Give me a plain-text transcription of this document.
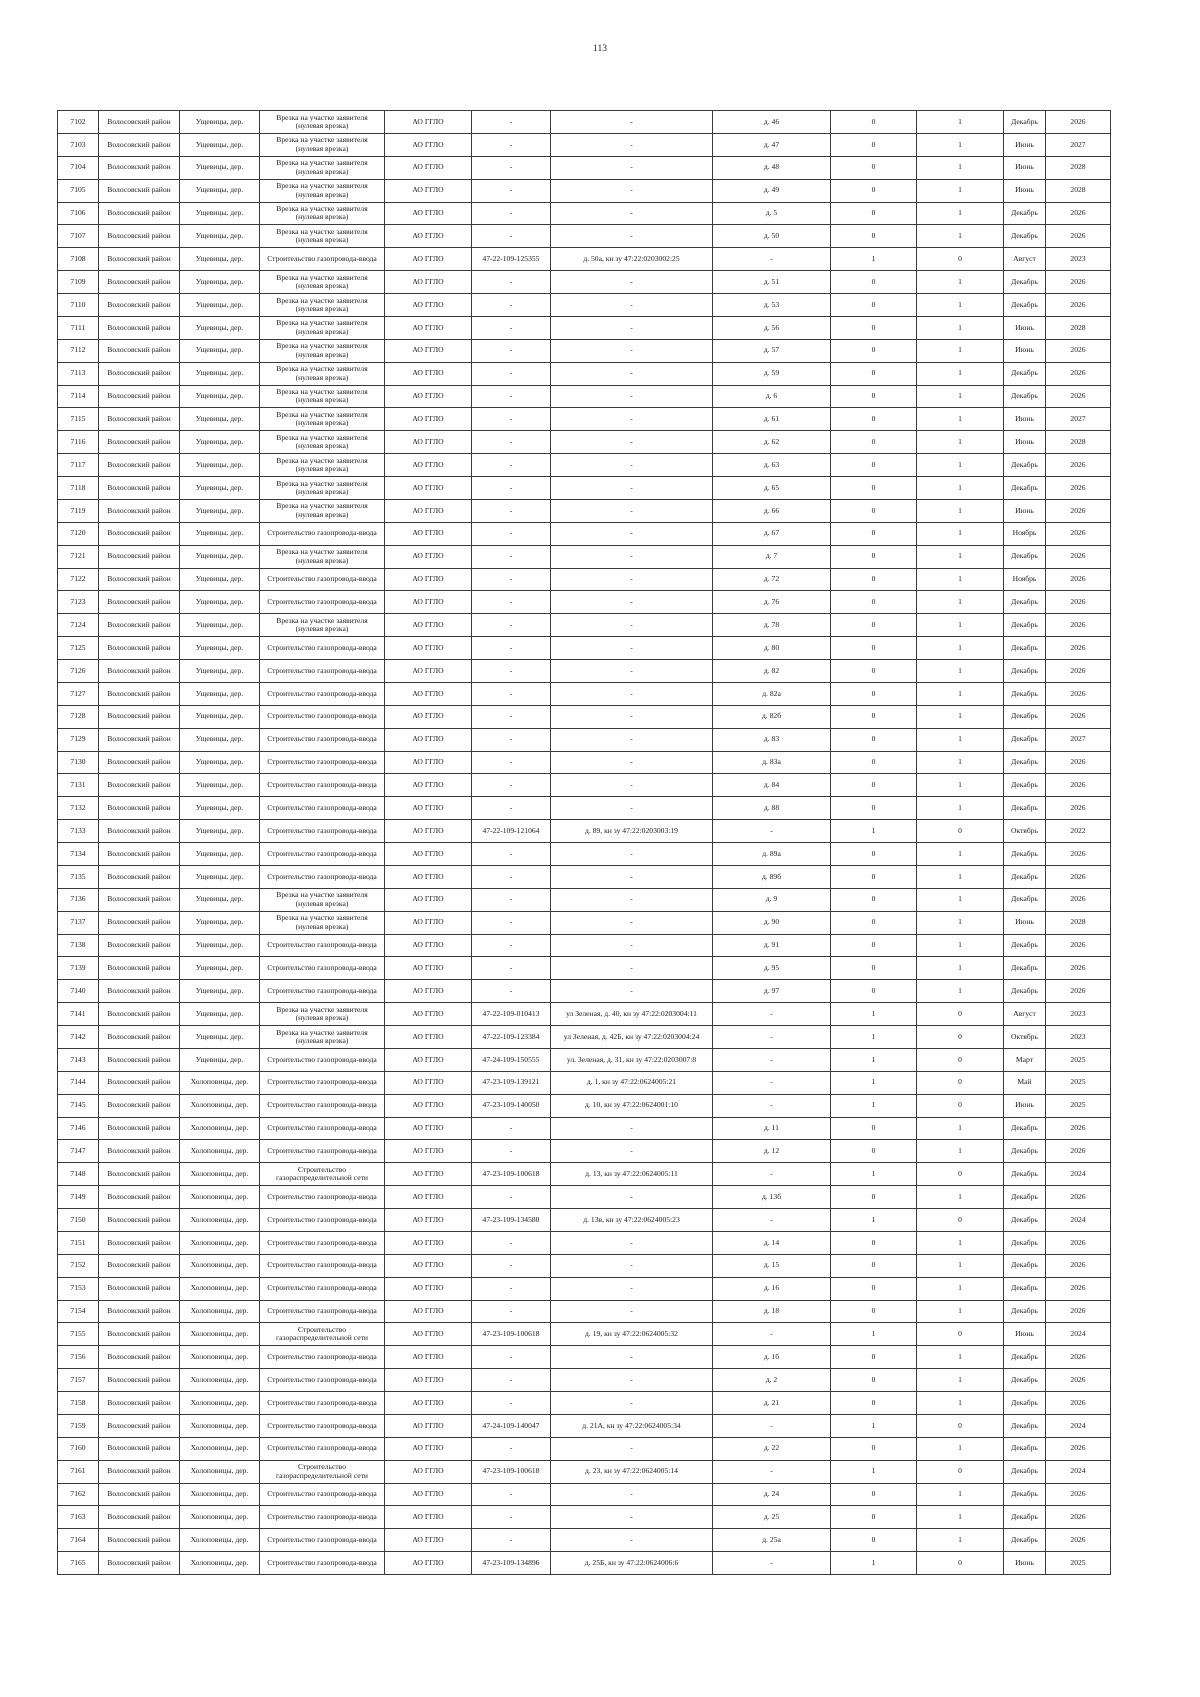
113
7102	Волосовский район	Ущевицы, дер.	Врезка на участке заявителя (нулевая врезка)	АО ГГЛО	-	-	д. 46	0	1	Декабрь	2026
7103	Волосовский район	Ущевицы, дер.	Врезка на участке заявителя (нулевая врезка)	АО ГГЛО	-	-	д. 47	0	1	Июнь	2027
7104	Волосовский район	Ущевицы, дер.	Врезка на участке заявителя (нулевая врезка)	АО ГГЛО	-	-	д. 48	0	1	Июнь	2028
7105	Волосовский район	Ущевицы, дер.	Врезка на участке заявителя (нулевая врезка)	АО ГГЛО	-	-	д. 49	0	1	Июнь	2028
7106	Волосовский район	Ущевицы, дер.	Врезка на участке заявителя (нулевая врезка)	АО ГГЛО	-	-	д. 5	0	1	Декабрь	2026
7107	Волосовский район	Ущевицы, дер.	Врезка на участке заявителя (нулевая врезка)	АО ГГЛО	-	-	д. 50	0	1	Декабрь	2026
7108	Волосовский район	Ущевицы, дер.	Строительство газопровода-ввода	АО ГГЛО	47-22-109-125355	д. 50а, кн зу 47:22:0203002:25	-	1	0	Август	2023
7109	Волосовский район	Ущевицы, дер.	Врезка на участке заявителя (нулевая врезка)	АО ГГЛО	-	-	д. 51	0	1	Декабрь	2026
7110	Волосовский район	Ущевицы, дер.	Врезка на участке заявителя (нулевая врезка)	АО ГГЛО	-	-	д. 53	0	1	Декабрь	2026
7111	Волосовский район	Ущевицы, дер.	Врезка на участке заявителя (нулевая врезка)	АО ГГЛО	-	-	д. 56	0	1	Июнь	2028
7112	Волосовский район	Ущевицы, дер.	Врезка на участке заявителя (нулевая врезка)	АО ГГЛО	-	-	д. 57	0	1	Июнь	2026
7113	Волосовский район	Ущевицы, дер.	Врезка на участке заявителя (нулевая врезка)	АО ГГЛО	-	-	д. 59	0	1	Декабрь	2026
7114	Волосовский район	Ущевицы, дер.	Врезка на участке заявителя (нулевая врезка)	АО ГГЛО	-	-	д. 6	0	1	Декабрь	2026
7115	Волосовский район	Ущевицы, дер.	Врезка на участке заявителя (нулевая врезка)	АО ГГЛО	-	-	д. 61	0	1	Июнь	2027
7116	Волосовский район	Ущевицы, дер.	Врезка на участке заявителя (нулевая врезка)	АО ГГЛО	-	-	д. 62	0	1	Июнь	2028
7117	Волосовский район	Ущевицы, дер.	Врезка на участке заявителя (нулевая врезка)	АО ГГЛО	-	-	д. 63	0	1	Декабрь	2026
7118	Волосовский район	Ущевицы, дер.	Врезка на участке заявителя (нулевая врезка)	АО ГГЛО	-	-	д. 65	0	1	Декабрь	2026
7119	Волосовский район	Ущевицы, дер.	Врезка на участке заявителя (нулевая врезка)	АО ГГЛО	-	-	д. 66	0	1	Июнь	2026
7120	Волосовский район	Ущевицы, дер.	Строительство газопровода-ввода	АО ГГЛО	-	-	д. 67	0	1	Ноябрь	2026
7121	Волосовский район	Ущевицы, дер.	Врезка на участке заявителя (нулевая врезка)	АО ГГЛО	-	-	д. 7	0	1	Декабрь	2026
7122	Волосовский район	Ущевицы, дер.	Строительство газопровода-ввода	АО ГГЛО	-	-	д. 72	0	1	Ноябрь	2026
7123	Волосовский район	Ущевицы, дер.	Строительство газопровода-ввода	АО ГГЛО	-	-	д. 76	0	1	Декабрь	2026
7124	Волосовский район	Ущевицы, дер.	Врезка на участке заявителя (нулевая врезка)	АО ГГЛО	-	-	д. 78	0	1	Декабрь	2026
7125	Волосовский район	Ущевицы, дер.	Строительство газопровода-ввода	АО ГГЛО	-	-	д. 80	0	1	Декабрь	2026
7126	Волосовский район	Ущевицы, дер.	Строительство газопровода-ввода	АО ГГЛО	-	-	д. 82	0	1	Декабрь	2026
7127	Волосовский район	Ущевицы, дер.	Строительство газопровода-ввода	АО ГГЛО	-	-	д. 82а	0	1	Декабрь	2026
7128	Волосовский район	Ущевицы, дер.	Строительство газопровода-ввода	АО ГГЛО	-	-	д. 82б	0	1	Декабрь	2026
7129	Волосовский район	Ущевицы, дер.	Строительство газопровода-ввода	АО ГГЛО	-	-	д. 83	0	1	Декабрь	2027
7130	Волосовский район	Ущевицы, дер.	Строительство газопровода-ввода	АО ГГЛО	-	-	д. 83а	0	1	Декабрь	2026
7131	Волосовский район	Ущевицы, дер.	Строительство газопровода-ввода	АО ГГЛО	-	-	д. 84	0	1	Декабрь	2026
7132	Волосовский район	Ущевицы, дер.	Строительство газопровода-ввода	АО ГГЛО	-	-	д. 88	0	1	Декабрь	2026
7133	Волосовский район	Ущевицы, дер.	Строительство газопровода-ввода	АО ГГЛО	47-22-109-121064	д. 89, кн зу 47:22:0203003:19	-	1	0	Октябрь	2022
7134	Волосовский район	Ущевицы, дер.	Строительство газопровода-ввода	АО ГГЛО	-	-	д. 89а	0	1	Декабрь	2026
7135	Волосовский район	Ущевицы, дер.	Строительство газопровода-ввода	АО ГГЛО	-	-	д. 89б	0	1	Декабрь	2026
7136	Волосовский район	Ущевицы, дер.	Врезка на участке заявителя (нулевая врезка)	АО ГГЛО	-	-	д. 9	0	1	Декабрь	2026
7137	Волосовский район	Ущевицы, дер.	Врезка на участке заявителя (нулевая врезка)	АО ГГЛО	-	-	д. 90	0	1	Июнь	2028
7138	Волосовский район	Ущевицы, дер.	Строительство газопровода-ввода	АО ГГЛО	-	-	д. 91	0	1	Декабрь	2026
7139	Волосовский район	Ущевицы, дер.	Строительство газопровода-ввода	АО ГГЛО	-	-	д. 95	0	1	Декабрь	2026
7140	Волосовский район	Ущевицы, дер.	Строительство газопровода-ввода	АО ГГЛО	-	-	д. 97	0	1	Декабрь	2026
7141	Волосовский район	Ущевицы, дер.	Врезка на участке заявителя (нулевая врезка)	АО ГГЛО	47-22-109-010413	ул Зеленая, д. 40, кн зу 47:22:0203004:11	-	1	0	Август	2023
7142	Волосовский район	Ущевицы, дер.	Врезка на участке заявителя (нулевая врезка)	АО ГГЛО	47-22-109-123384	ул Зеленая, д. 42Б, кн зу 47:22:0203004:24	-	1	0	Октябрь	2023
7143	Волосовский район	Ущевицы, дер.	Строительство газопровода-ввода	АО ГГЛО	47-24-109-150555	ул. Зеленая, д. 31, кн зу 47:22:0203007:8	-	1	0	Март	2025
7144	Волосовский район	Холоповицы, дер.	Строительство газопровода-ввода	АО ГГЛО	47-23-109-139121	д. 1, кн зу 47:22:0624005:21	-	1	0	Май	2025
7145	Волосовский район	Холоповицы, дер.	Строительство газопровода-ввода	АО ГГЛО	47-23-109-140050	д. 10, кн зу 47:22:0624001:10	-	1	0	Июнь	2025
7146	Волосовский район	Холоповицы, дер.	Строительство газопровода-ввода	АО ГГЛО	-	-	д. 11	0	1	Декабрь	2026
7147	Волосовский район	Холоповицы, дер.	Строительство газопровода-ввода	АО ГГЛО	-	-	д. 12	0	1	Декабрь	2026
7148	Волосовский район	Холоповицы, дер.	Строительство газораспределительной сети	АО ГГЛО	47-23-109-100618	д. 13, кн зу 47:22:0624005:11	-	1	0	Декабрь	2024
7149	Волосовский район	Холоповицы, дер.	Строительство газопровода-ввода	АО ГГЛО	-	-	д. 13б	0	1	Декабрь	2026
7150	Волосовский район	Холоповицы, дер.	Строительство газопровода-ввода	АО ГГЛО	47-23-109-134580	д. 13в, кн зу 47:22:0624005:23	-	1	0	Декабрь	2024
7151	Волосовский район	Холоповицы, дер.	Строительство газопровода-ввода	АО ГГЛО	-	-	д. 14	0	1	Декабрь	2026
7152	Волосовский район	Холоповицы, дер.	Строительство газопровода-ввода	АО ГГЛО	-	-	д. 15	0	1	Декабрь	2026
7153	Волосовский район	Холоповицы, дер.	Строительство газопровода-ввода	АО ГГЛО	-	-	д. 16	0	1	Декабрь	2026
7154	Волосовский район	Холоповицы, дер.	Строительство газопровода-ввода	АО ГГЛО	-	-	д. 18	0	1	Декабрь	2026
7155	Волосовский район	Холоповицы, дер.	Строительство газораспределительной сети	АО ГГЛО	47-23-109-100618	д. 19, кн зу 47:22:0624005:32	-	1	0	Июнь	2024
7156	Волосовский район	Холоповицы, дер.	Строительство газопровода-ввода	АО ГГЛО	-	-	д. 1б	0	1	Декабрь	2026
7157	Волосовский район	Холоповицы, дер.	Строительство газопровода-ввода	АО ГГЛО	-	-	д. 2	0	1	Декабрь	2026
7158	Волосовский район	Холоповицы, дер.	Строительство газопровода-ввода	АО ГГЛО	-	-	д. 21	0	1	Декабрь	2026
7159	Волосовский район	Холоповицы, дер.	Строительство газопровода-ввода	АО ГГЛО	47-24-109-140047	д. 21А, кн зу 47:22:0624005:34	-	1	0	Декабрь	2024
7160	Волосовский район	Холоповицы, дер.	Строительство газопровода-ввода	АО ГГЛО	-	-	д. 22	0	1	Декабрь	2026
7161	Волосовский район	Холоповицы, дер.	Строительство газораспределительной сети	АО ГГЛО	47-23-109-100618	д. 23, кн зу 47:22:0624005:14	-	1	0	Декабрь	2024
7162	Волосовский район	Холоповицы, дер.	Строительство газопровода-ввода	АО ГГЛО	-	-	д. 24	0	1	Декабрь	2026
7163	Волосовский район	Холоповицы, дер.	Строительство газопровода-ввода	АО ГГЛО	-	-	д. 25	0	1	Декабрь	2026
7164	Волосовский район	Холоповицы, дер.	Строительство газопровода-ввода	АО ГГЛО	-	-	д. 25а	0	1	Декабрь	2026
7165	Волосовский район	Холоповицы, дер.	Строительство газопровода-ввода	АО ГГЛО	47-23-109-134896	д. 25Б, кн зу 47:22:0624006:6	-	1	0	Июнь	2025
